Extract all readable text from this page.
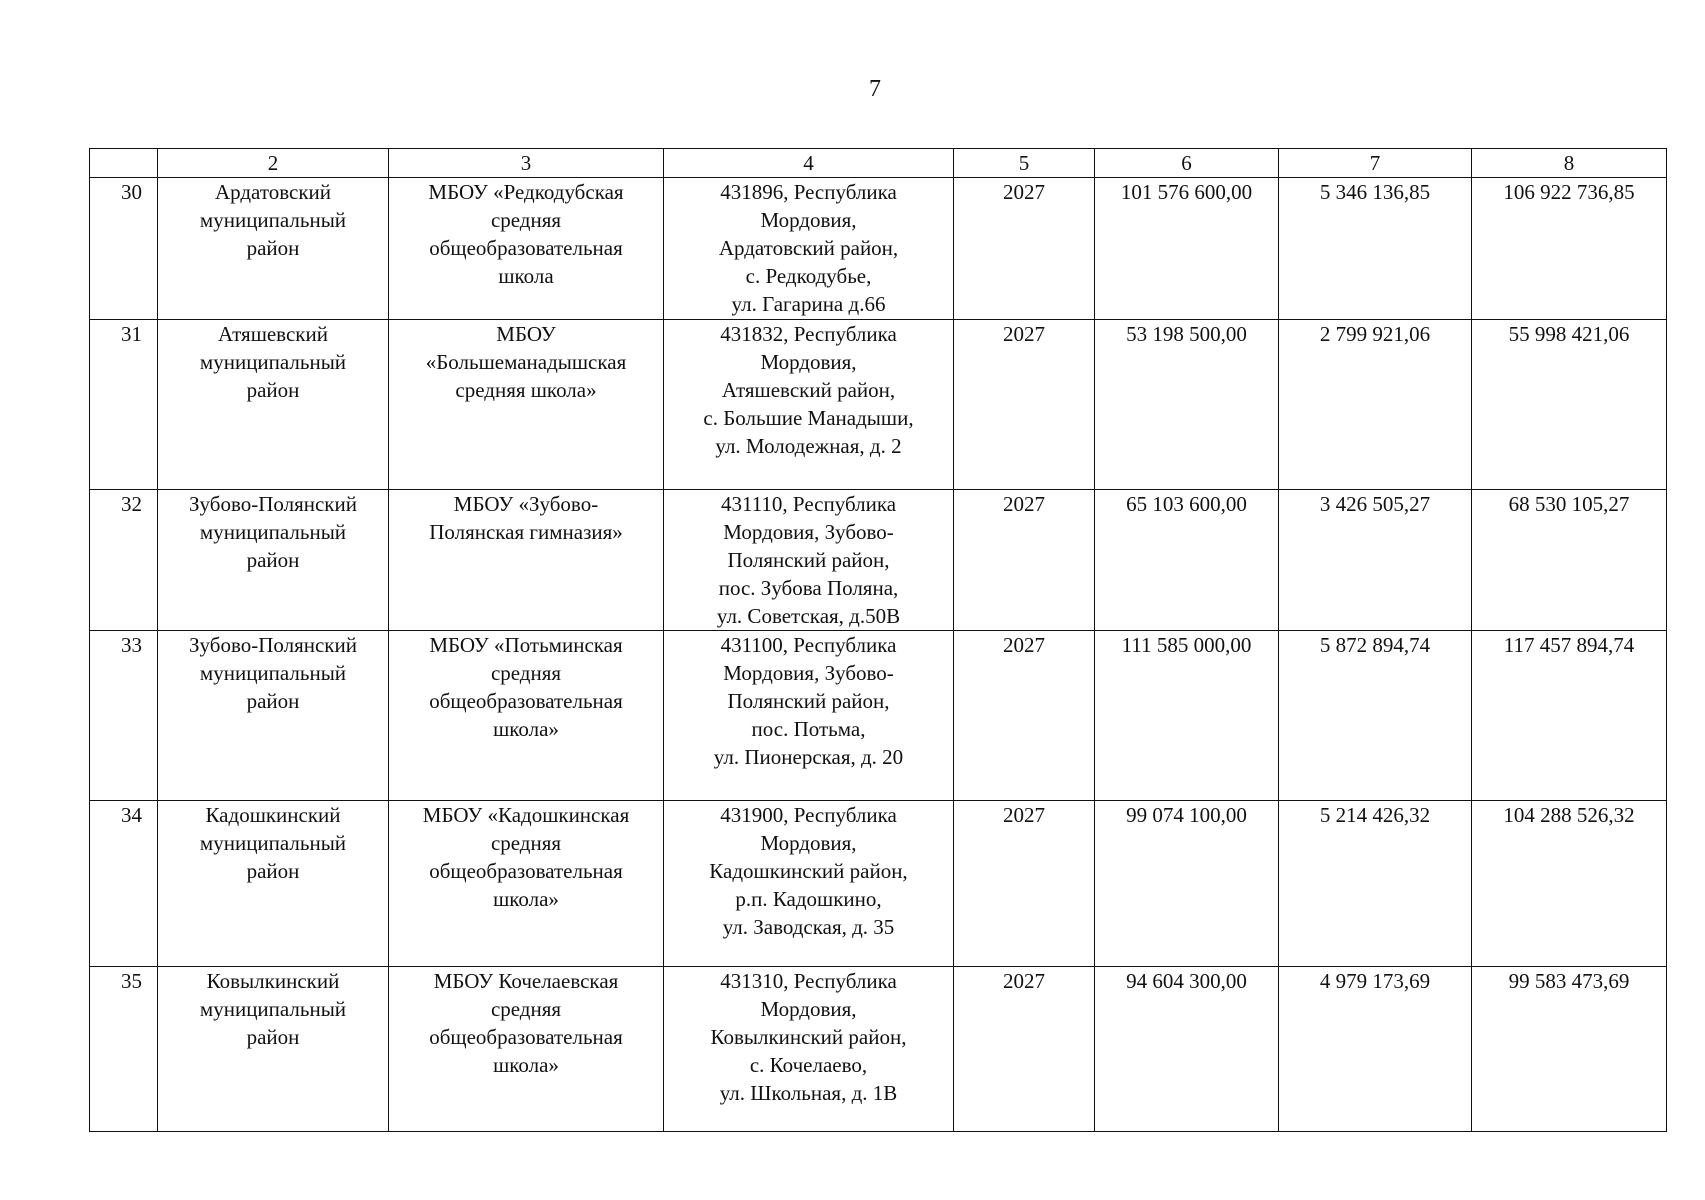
7
	2	3	4	5	6	7	8
30	Ардатовский
муниципальный
район	МБОУ «Редкодубская
средняя
общеобразовательная
школа	431896, Республика
Мордовия,
Ардатовский район,
с. Редкодубье,
ул. Гагарина д.66	2027	101 576 600,00	5 346 136,85	106 922 736,85
31	Атяшевский
муниципальный
район	МБОУ
«Большеманадышская
средняя школа»	431832, Республика
Мордовия,
Атяшевский район,
с. Большие Манадыши,
ул. Молодежная, д. 2	2027	53 198 500,00	2 799 921,06	55 998 421,06
32	Зубово-Полянский
муниципальный
район	МБОУ «Зубово-
Полянская гимназия»	431110, Республика
Мордовия, Зубово-
Полянский район,
пос. Зубова Поляна,
ул. Советская, д.50В	2027	65 103 600,00	3 426 505,27	68 530 105,27
33	Зубово-Полянский
муниципальный
район	МБОУ «Потьминская
средняя
общеобразовательная
школа»	431100, Республика
Мордовия, Зубово-
Полянский район,
пос. Потьма,
ул. Пионерская, д. 20	2027	111 585 000,00	5 872 894,74	117 457 894,74
34	Кадошкинский
муниципальный
район	МБОУ «Кадошкинская
средняя
общеобразовательная
школа»	431900, Республика
Мордовия,
Кадошкинский район,
р.п. Кадошкино,
ул. Заводская, д. 35	2027	99 074 100,00	5 214 426,32	104 288 526,32
35	Ковылкинский
муниципальный
район	МБОУ Кочелаевская
средняя
общеобразовательная
школа»	431310, Республика
Мордовия,
Ковылкинский район,
с. Кочелаево,
ул. Школьная, д. 1В	2027	94 604 300,00	4 979 173,69	99 583 473,69
